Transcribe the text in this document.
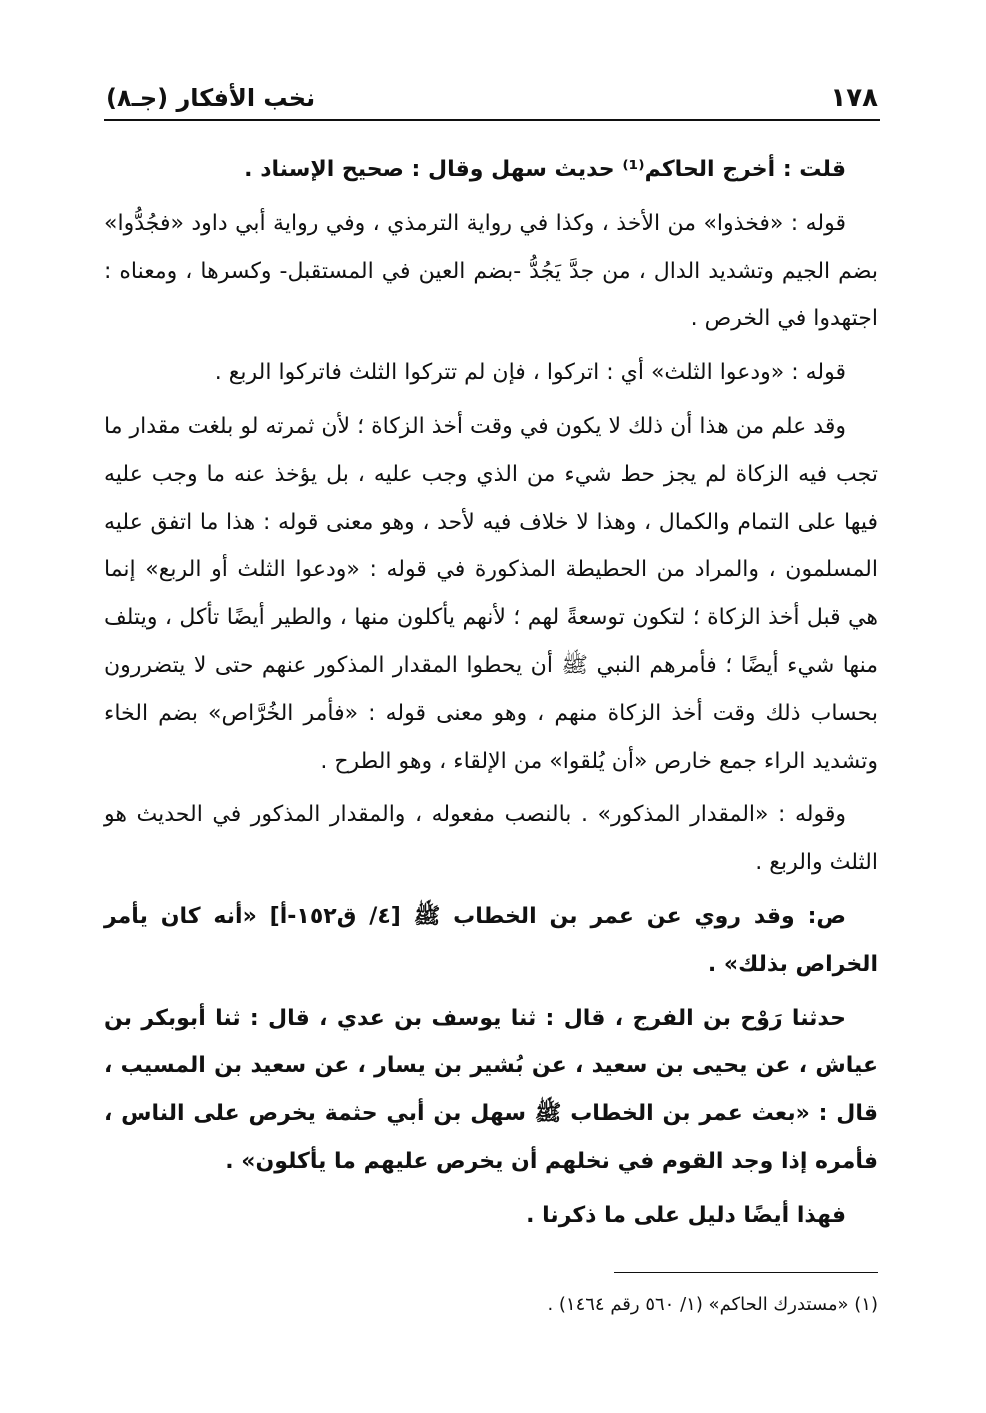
١٧٨
نخب الأفكار (جـ٨)

قلت : أخرج الحاكم⁽¹⁾ حديث سهل وقال : صحيح الإسناد .

قوله : «فخذوا» من الأخذ ، وكذا في رواية الترمذي ، وفي رواية أبي داود «فجُدُّوا» بضم الجيم وتشديد الدال ، من جدَّ يَجُدُّ -بضم العين في المستقبل- وكسرها ، ومعناه : اجتهدوا في الخرص .

قوله : «ودعوا الثلث» أي : اتركوا ، فإن لم تتركوا الثلث فاتركوا الربع .

وقد علم من هذا أن ذلك لا يكون في وقت أخذ الزكاة ؛ لأن ثمرته لو بلغت مقدار ما تجب فيه الزكاة لم يجز حط شيء من الذي وجب عليه ، بل يؤخذ عنه ما وجب عليه فيها على التمام والكمال ، وهذا لا خلاف فيه لأحد ، وهو معنى قوله : هذا ما اتفق عليه المسلمون ، والمراد من الحطيطة المذكورة في قوله : «ودعوا الثلث أو الربع» إنما هي قبل أخذ الزكاة ؛ لتكون توسعةً لهم ؛ لأنهم يأكلون منها ، والطير أيضًا تأكل ، ويتلف منها شيء أيضًا ؛ فأمرهم النبي ﷺ أن يحطوا المقدار المذكور عنهم حتى لا يتضررون بحساب ذلك وقت أخذ الزكاة منهم ، وهو معنى قوله : «فأمر الخُرَّاص» بضم الخاء وتشديد الراء جمع خارص «أن يُلقوا» من الإلقاء ، وهو الطرح .

وقوله : «المقدار المذكور» . بالنصب مفعوله ، والمقدار المذكور في الحديث هو الثلث والربع .

ص: وقد روي عن عمر بن الخطاب ﷺ [٤/ ق١٥٢-أ] «أنه كان يأمر الخراص بذلك» .

حدثنا رَوْح بن الفرج ، قال : ثنا يوسف بن عدي ، قال : ثنا أبوبكر بن عياش ، عن يحيى بن سعيد ، عن بُشير بن يسار ، عن سعيد بن المسيب ، قال : «بعث عمر بن الخطاب ﷺ سهل بن أبي حثمة يخرص على الناس ، فأمره إذا وجد القوم في نخلهم أن يخرص عليهم ما يأكلون» .

فهذا أيضًا دليل على ما ذكرنا .

(١) «مستدرك الحاكم» (١/ ٥٦٠ رقم ١٤٦٤) .
